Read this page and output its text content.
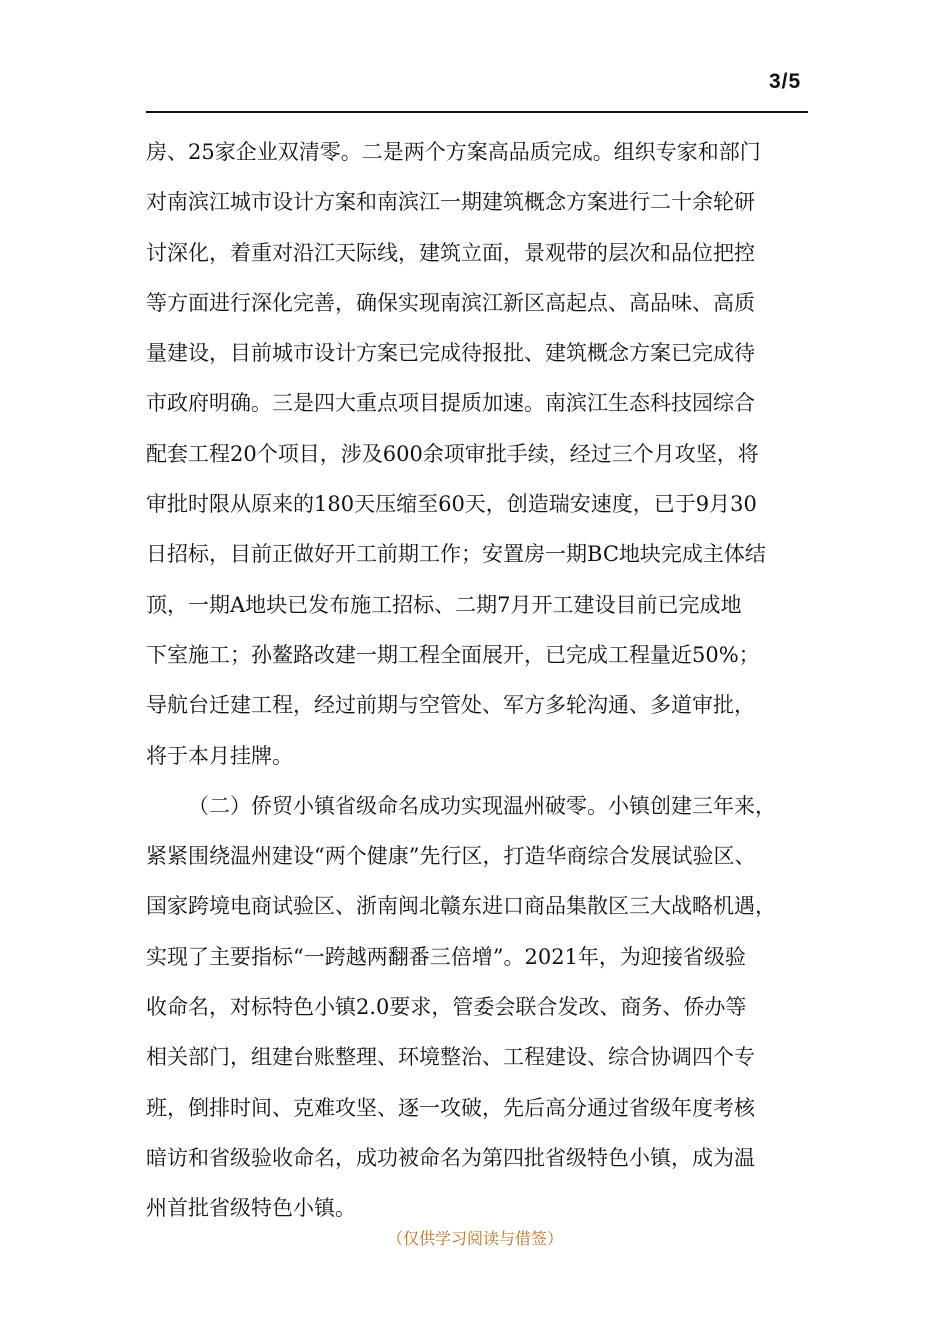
3/5
房、25家企业双清零。二是两个方案高品质完成。组织专家和部门
对南滨江城市设计方案和南滨江一期建筑概念方案进行二十余轮研
讨深化，着重对沿江天际线，建筑立面，景观带的层次和品位把控
等方面进行深化完善，确保实现南滨江新区高起点、高品味、高质
量建设，目前城市设计方案已完成待报批、建筑概念方案已完成待
市政府明确。三是四大重点项目提质加速。南滨江生态科技园综合
配套工程20个项目，涉及600余项审批手续，经过三个月攻坚，将
审批时限从原来的180天压缩至60天，创造瑞安速度，已于9月30
日招标，目前正做好开工前期工作；安置房一期BC地块完成主体结
顶，一期A地块已发布施工招标、二期7月开工建设目前已完成地
下室施工；孙鳌路改建一期工程全面展开，已完成工程量近50%；
导航台迁建工程，经过前期与空管处、军方多轮沟通、多道审批，
将于本月挂牌。
（二）侨贸小镇省级命名成功实现温州破零。小镇创建三年来，
紧紧围绕温州建设“两个健康”先行区，打造华商综合发展试验区、
国家跨境电商试验区、浙南闽北赣东进口商品集散区三大战略机遇，
实现了主要指标“一跨越两翻番三倍增”。2021年，为迎接省级验
收命名，对标特色小镇2.0要求，管委会联合发改、商务、侨办等
相关部门，组建台账整理、环境整治、工程建设、综合协调四个专
班，倒排时间、克难攻坚、逐一攻破，先后高分通过省级年度考核
暗访和省级验收命名，成功被命名为第四批省级特色小镇，成为温
州首批省级特色小镇。
（仅供学习阅读与借签）
